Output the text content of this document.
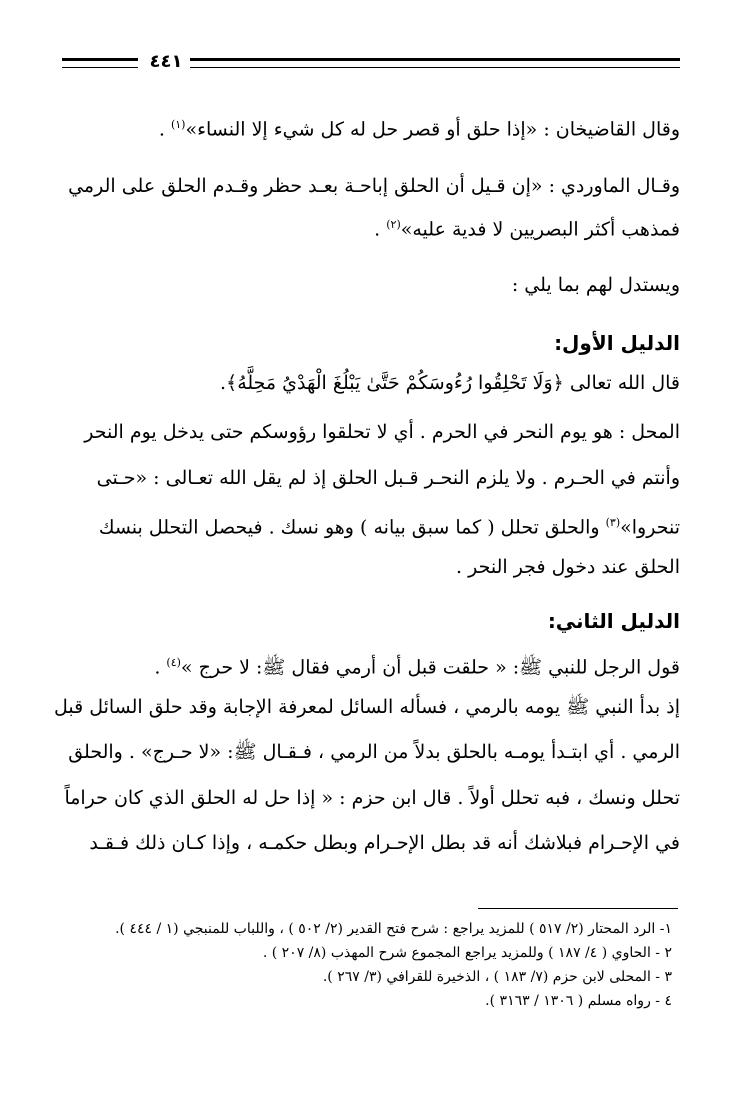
٤٤١
وقال القاضيخان : «إذا حلق أو قصر حل له كل شيء إلا النساء»$^{(١)}$ .
وقـال الماوردي : «إن قـيل أن الحلق إباحـة بعـد حظر وقـدم الحلق على الرمي
فمذهب أكثر البصريين لا فدية عليه»$^{(٢)}$ .
ويستدل لهم بما يلي :
الدليل الأول:
قال الله تعالى ﴿وَلَا تَحْلِقُوا رُءُوسَكُمْ حَتَّىٰ يَبْلُغَ الْهَدْيُ مَحِلَّهُ﴾.
المحل : هو يوم النحر في الحرم . أي لا تحلقوا رؤوسكم حتى يدخل يوم النحر
وأنتم في الحـرم . ولا يلزم النحـر قـبل الحلق إذ لم يقل الله تعـالى : «حـتى
تنحروا»$^{(٣)}$ والحلق تحلل ( كما سبق بيانه ) وهو نسك . فيحصل التحلل بنسك
الحلق عند دخول فجر النحر .
الدليل الثاني:
قول الرجل للنبي ﷺ: « حلقت قبل أن أرمي فقال ﷺ: لا حرج »$^{(٤)}$ .
إذ بدأ النبي ﷺ يومه بالرمي ، فسأله السائل لمعرفة الإجابة وقد حلق السائل قبل
الرمي . أي ابتـدأ يومـه بالحلق بدلاً من الرمي ، فـقـال ﷺ: «لا حـرج» . والحلق
تحلل ونسك ، فبه تحلل أولاً . قال ابن حزم : « إذا حل له الحلق الذي كان حراماً
في الإحـرام فبلاشك أنه قد بطل الإحـرام وبطل حكمـه ، وإذا كـان ذلك فـقـد
١- الرد المحتار (٢/ ٥١٧ ) للمزيد يراجع : شرح فتح القدير (٢/ ٥٠٢ ) ، واللباب للمنبجي (١ / ٤٤٤ ).
٢ - الحاوي ( ٤/ ١٨٧ ) وللمزيد يراجع المجموع شرح المهذب (٨/ ٢٠٧ ) .
٣ - المحلى لابن حزم (٧/ ١٨٣ ) ، الذخيرة للقرافي (٣/ ٢٦٧ ).
٤ - رواه مسلم ( ١٣٠٦ / ٣١٦٣ ).
